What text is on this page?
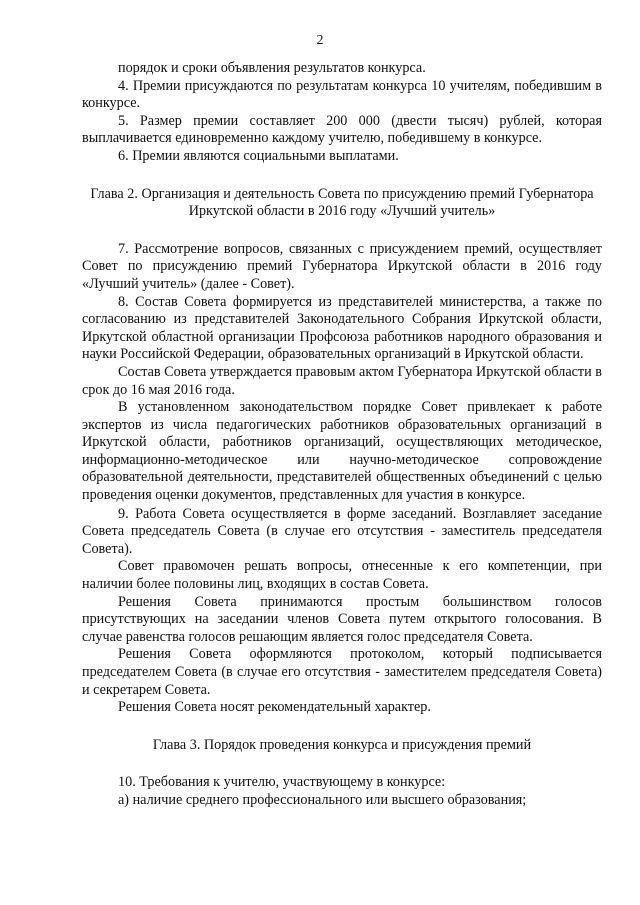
2

порядок и сроки объявления результатов конкурса.

4. Премии присуждаются по результатам конкурса 10 учителям, победившим в конкурсе.

5. Размер премии составляет 200 000 (двести тысяч) рублей, которая выплачивается единовременно каждому учителю, победившему в конкурсе.

6. Премии являются социальными выплатами.

Глава 2. Организация и деятельность Совета по присуждению премий Губернатора Иркутской области в 2016 году «Лучший учитель»

7. Рассмотрение вопросов, связанных с присуждением премий, осуществляет Совет по присуждению премий Губернатора Иркутской области в 2016 году «Лучший учитель» (далее - Совет).

8. Состав Совета формируется из представителей министерства, а также по согласованию из представителей Законодательного Собрания Иркутской области, Иркутской областной организации Профсоюза работников народного образования и науки Российской Федерации, образовательных организаций в Иркутской области.

Состав Совета утверждается правовым актом Губернатора Иркутской области в срок до 16 мая 2016 года.

В установленном законодательством порядке Совет привлекает к работе экспертов из числа педагогических работников образовательных организаций в Иркутской области, работников организаций, осуществляющих методическое, информационно-методическое или научно-методическое сопровождение образовательной деятельности, представителей общественных объединений с целью проведения оценки документов, представленных для участия в конкурсе.

9. Работа Совета осуществляется в форме заседаний. Возглавляет заседание Совета председатель Совета (в случае его отсутствия - заместитель председателя Совета).

Совет правомочен решать вопросы, отнесенные к его компетенции, при наличии более половины лиц, входящих в состав Совета.

Решения Совета принимаются простым большинством голосов присутствующих на заседании членов Совета путем открытого голосования. В случае равенства голосов решающим является голос председателя Совета.

Решения Совета оформляются протоколом, который подписывается председателем Совета (в случае его отсутствия - заместителем председателя Совета) и секретарем Совета.

Решения Совета носят рекомендательный характер.

Глава 3. Порядок проведения конкурса и присуждения премий

10. Требования к учителю, участвующему в конкурсе:

а) наличие среднего профессионального или высшего образования;
